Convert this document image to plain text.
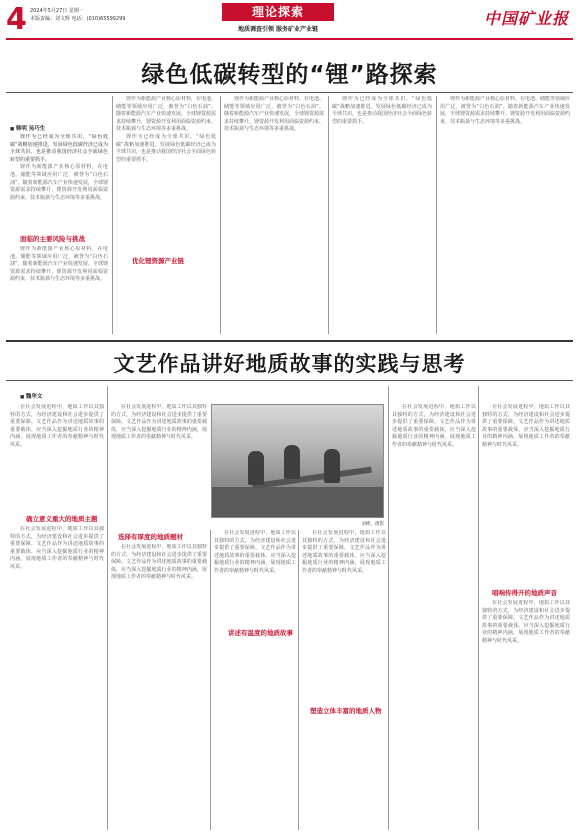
4 2024年5月27日 星期一
本版责编：刘文辉 电话：(010)65599299	理论探索
地质调查引领 服务矿业产业链
中国矿业报
绿色低碳转型的“锂”路探索
■ 韩明 吴巧生

锂作为已经成为全球共识，“绿色低碳”战略加速推进，发展绿色低碳经济已成为全球共识，也是推动我国经济社会全面绿色转型的重要抓手。

锂作为新能源产业核心原材料，在电池、储能等领域应用广泛，被誉为“白色石油”。随着新能源汽车产业快速发展，全球锂资源需求持续攀升，锂资源开发利用面临资源约束、技术瓶颈与生态环境等多重挑战。

面临的主要风险与挑战

锂作为新能源产业核心原材料，在电池、储能等领域应用广泛，被誉为“白色石油”。随着新能源汽车产业快速发展，全球锂资源需求持续攀升，锂资源开发利用面临资源约束、技术瓶颈与生态环境等多重挑战。

锂作为新能源产业核心原材料，在电池、储能等领域应用广泛，被誉为“白色石油”。随着新能源汽车产业快速发展，全球锂资源需求持续攀升，锂资源开发利用面临资源约束、技术瓶颈与生态环境等多重挑战。

锂作为已经成为全球共识，“绿色低碳”战略加速推进，发展绿色低碳经济已成为全球共识，也是推动我国经济社会全面绿色转型的重要抓手。

优化锂资源产业链

锂作为新能源产业核心原材料，在电池、储能等领域应用广泛，被誉为“白色石油”。随着新能源汽车产业快速发展，全球锂资源需求持续攀升，锂资源开发利用面临资源约束、技术瓶颈与生态环境等多重挑战。

锂作为已经成为全球共识，“绿色低碳”战略加速推进，发展绿色低碳经济已成为全球共识，也是推动我国经济社会全面绿色转型的重要抓手。

锂作为新能源产业核心原材料，在电池、储能等领域应用广泛，被誉为“白色石油”。随着新能源汽车产业快速发展，全球锂资源需求持续攀升，锂资源开发利用面临资源约束、技术瓶颈与生态环境等多重挑战。

文艺作品讲好地质故事的实践与思考
■ 魏华文

在社会发展进程中，地质工作以其独特的方式，为经济建设和社会进步提供了重要保障。文艺作品作为讲述地质故事的重要载体，应当深入挖掘地质行业的精神内涵，展现地质工作者的奉献精神与时代风采。

确立意义重大的地质主题

在社会发展进程中，地质工作以其独特的方式，为经济建设和社会进步提供了重要保障。文艺作品作为讲述地质故事的重要载体，应当深入挖掘地质行业的精神内涵，展现地质工作者的奉献精神与时代风采。

在社会发展进程中，地质工作以其独特的方式，为经济建设和社会进步提供了重要保障。文艺作品作为讲述地质故事的重要载体，应当深入挖掘地质行业的精神内涵，展现地质工作者的奉献精神与时代风采。

刘彬、摄影
选择有厚度的地质题材

在社会发展进程中，地质工作以其独特的方式，为经济建设和社会进步提供了重要保障。文艺作品作为讲述地质故事的重要载体，应当深入挖掘地质行业的精神内涵，展现地质工作者的奉献精神与时代风采。

在社会发展进程中，地质工作以其独特的方式，为经济建设和社会进步提供了重要保障。文艺作品作为讲述地质故事的重要载体，应当深入挖掘地质行业的精神内涵，展现地质工作者的奉献精神与时代风采。

讲述有温度的地质故事

在社会发展进程中，地质工作以其独特的方式，为经济建设和社会进步提供了重要保障。文艺作品作为讲述地质故事的重要载体，应当深入挖掘地质行业的精神内涵，展现地质工作者的奉献精神与时代风采。

塑造立体丰富的地质人物

在社会发展进程中，地质工作以其独特的方式，为经济建设和社会进步提供了重要保障。文艺作品作为讲述地质故事的重要载体，应当深入挖掘地质行业的精神内涵，展现地质工作者的奉献精神与时代风采。

在社会发展进程中，地质工作以其独特的方式，为经济建设和社会进步提供了重要保障。文艺作品作为讲述地质故事的重要载体，应当深入挖掘地质行业的精神内涵，展现地质工作者的奉献精神与时代风采。

唱响传得开的地质声音

在社会发展进程中，地质工作以其独特的方式，为经济建设和社会进步提供了重要保障。文艺作品作为讲述地质故事的重要载体，应当深入挖掘地质行业的精神内涵，展现地质工作者的奉献精神与时代风采。
